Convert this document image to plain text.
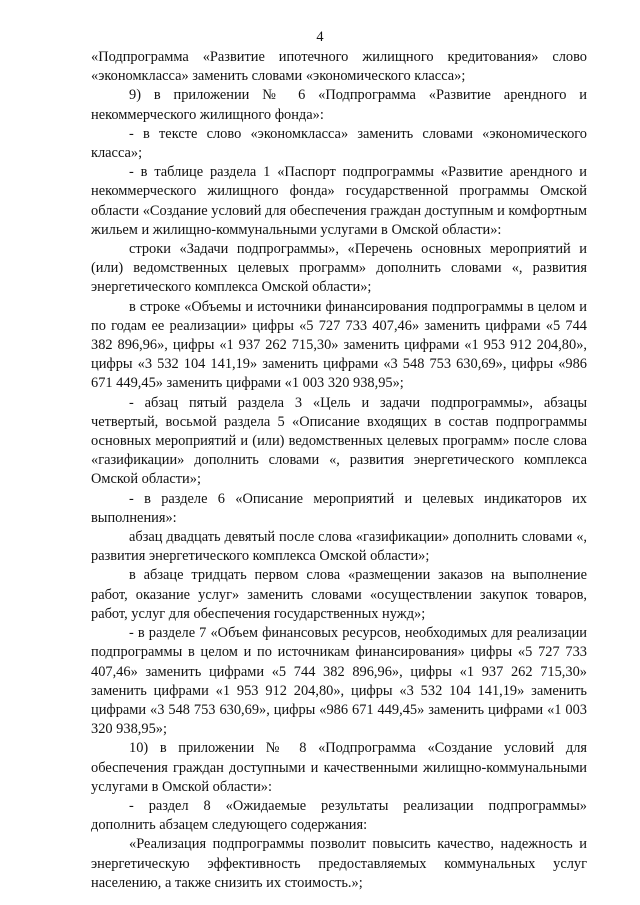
4

«Подпрограмма «Развитие ипотечного жилищного кредитования» слово «экономкласса» заменить словами «экономического класса»;

9) в приложении № 6 «Подпрограмма «Развитие арендного и некоммерческого жилищного фонда»:

- в тексте слово «экономкласса» заменить словами «экономического класса»;

- в таблице раздела 1 «Паспорт подпрограммы «Развитие арендного и некоммерческого жилищного фонда» государственной программы Омской области «Создание условий для обеспечения граждан доступным и комфортным жильем и жилищно-коммунальными услугами в Омской области»:

строки «Задачи подпрограммы», «Перечень основных мероприятий и (или) ведомственных целевых программ» дополнить словами «, развития энергетического комплекса Омской области»;

в строке «Объемы и источники финансирования подпрограммы в целом и по годам ее реализации» цифры «5 727 733 407,46» заменить цифрами «5 744 382 896,96», цифры «1 937 262 715,30» заменить цифрами «1 953 912 204,80», цифры «3 532 104 141,19» заменить цифрами «3 548 753 630,69», цифры «986 671 449,45» заменить цифрами «1 003 320 938,95»;

- абзац пятый раздела 3 «Цель и задачи подпрограммы», абзацы четвертый, восьмой раздела 5 «Описание входящих в состав подпрограммы основных мероприятий и (или) ведомственных целевых программ» после слова «газификации» дополнить словами «, развития энергетического комплекса Омской области»;

- в разделе 6 «Описание мероприятий и целевых индикаторов их выполнения»:

абзац двадцать девятый после слова «газификации» дополнить словами «, развития энергетического комплекса Омской области»;

в абзаце тридцать первом слова «размещении заказов на выполнение работ, оказание услуг» заменить словами «осуществлении закупок товаров, работ, услуг для обеспечения государственных нужд»;

- в разделе 7 «Объем финансовых ресурсов, необходимых для реализации подпрограммы в целом и по источникам финансирования» цифры «5 727 733 407,46» заменить цифрами «5 744 382 896,96», цифры «1 937 262 715,30» заменить цифрами «1 953 912 204,80», цифры «3 532 104 141,19» заменить цифрами «3 548 753 630,69», цифры «986 671 449,45» заменить цифрами «1 003 320 938,95»;

10) в приложении № 8 «Подпрограмма «Создание условий для обеспечения граждан доступными и качественными жилищно-коммунальными услугами в Омской области»:

- раздел 8 «Ожидаемые результаты реализации подпрограммы» дополнить абзацем следующего содержания:

«Реализация подпрограммы позволит повысить качество, надежность и энергетическую эффективность предоставляемых коммунальных услуг населению, а также снизить их стоимость.»;
